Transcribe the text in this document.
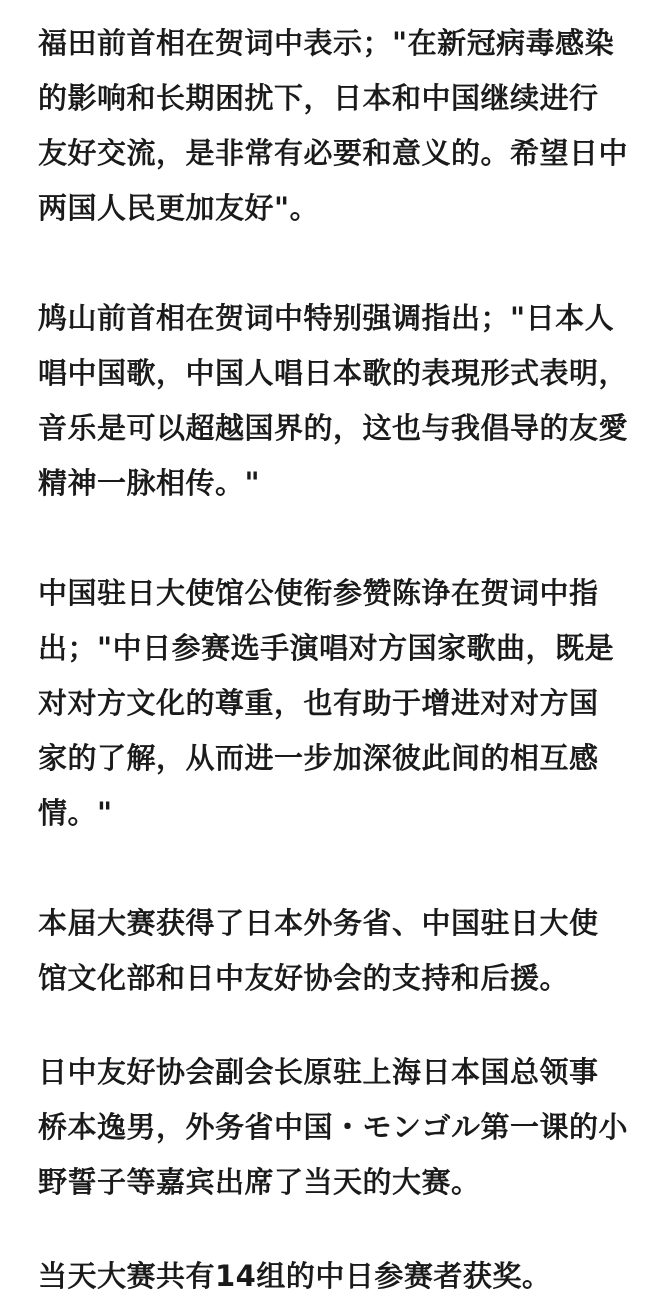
福田前首相在贺词中表示；"在新冠病毒感染
的影响和长期困扰下，日本和中国继续进行
友好交流，是非常有必要和意义的。希望日中
两国人民更加友好"。
鸠山前首相在贺词中特别强调指出；"日本人
唱中国歌，中国人唱日本歌的表現形式表明，
音乐是可以超越国界的，这也与我倡导的友愛
精神一脉相传。"
中国驻日大使馆公使衔参赞陈诤在贺词中指
出；"中日参赛选手演唱对方国家歌曲，既是
对对方文化的尊重，也有助于增进对对方国
家的了解，从而进一步加深彼此间的相互感
情。"
本届大赛获得了日本外务省、中国驻日大使
馆文化部和日中友好协会的支持和后援。
日中友好协会副会长原驻上海日本国总领事
桥本逸男，外务省中国・モンゴル第一课的小
野誓子等嘉宾出席了当天的大赛。
当天大赛共有14组的中日参赛者获奖。
